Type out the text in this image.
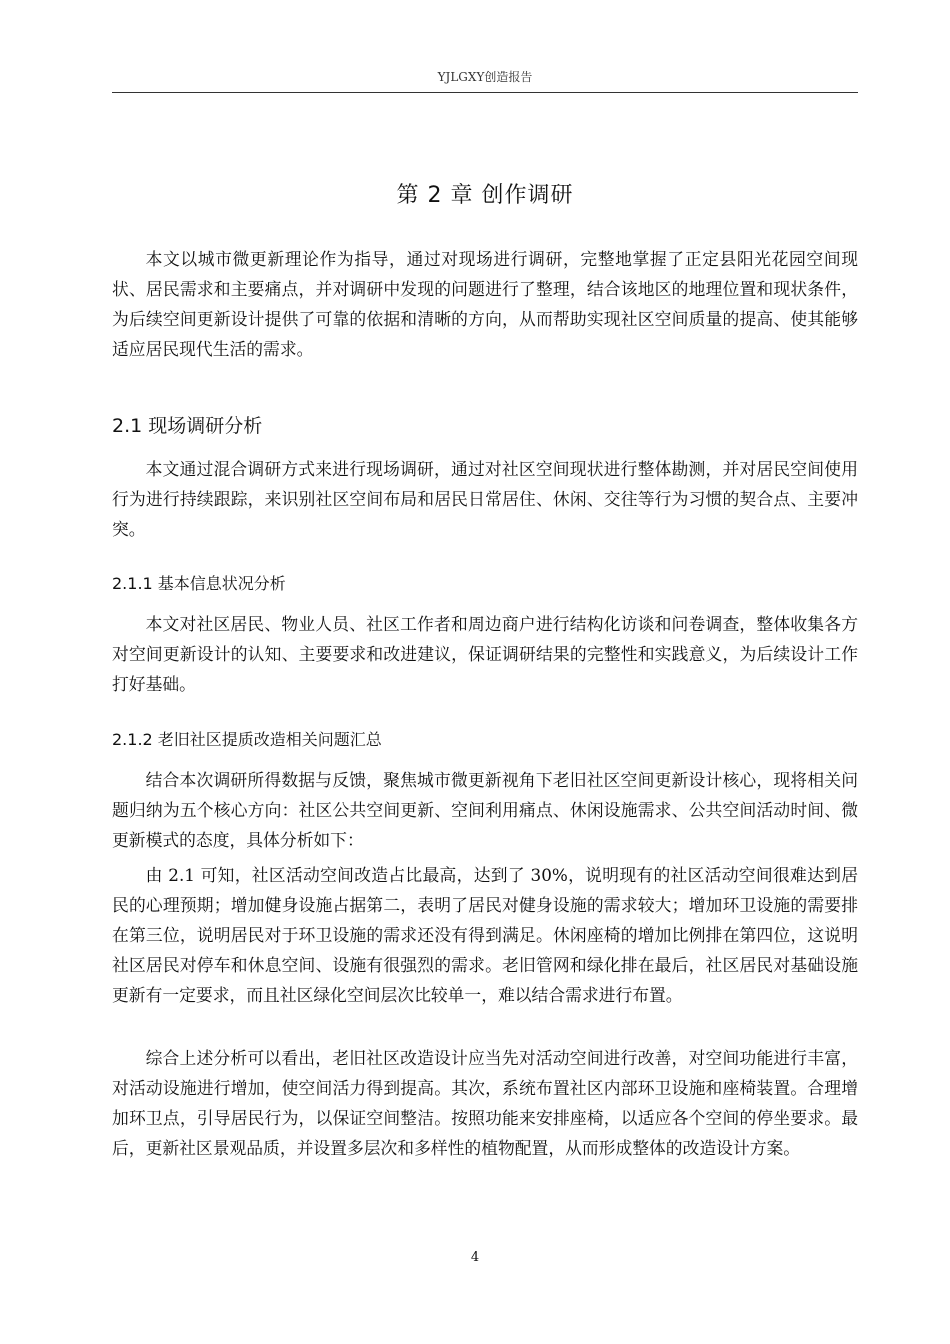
YJLGXY创造报告
第 2 章 创作调研

本文以城市微更新理论作为指导，通过对现场进行调研，完整地掌握了正定县阳光花园空间现状、居民需求和主要痛点，并对调研中发现的问题进行了整理，结合该地区的地理位置和现状条件，为后续空间更新设计提供了可靠的依据和清晰的方向，从而帮助实现社区空间质量的提高、使其能够适应居民现代生活的需求。

2.1 现场调研分析

本文通过混合调研方式来进行现场调研，通过对社区空间现状进行整体勘测，并对居民空间使用行为进行持续跟踪，来识别社区空间布局和居民日常居住、休闲、交往等行为习惯的契合点、主要冲突。

2.1.1 基本信息状况分析

本文对社区居民、物业人员、社区工作者和周边商户进行结构化访谈和问卷调查，整体收集各方对空间更新设计的认知、主要要求和改进建议，保证调研结果的完整性和实践意义，为后续设计工作打好基础。

2.1.2 老旧社区提质改造相关问题汇总

结合本次调研所得数据与反馈，聚焦城市微更新视角下老旧社区空间更新设计核心，现将相关问题归纳为五个核心方向：社区公共空间更新、空间利用痛点、休闲设施需求、公共空间活动时间、微更新模式的态度，具体分析如下：

由 2.1 可知，社区活动空间改造占比最高，达到了 30%，说明现有的社区活动空间很难达到居民的心理预期；增加健身设施占据第二，表明了居民对健身设施的需求较大；增加环卫设施的需要排在第三位，说明居民对于环卫设施的需求还没有得到满足。休闲座椅的增加比例排在第四位，这说明社区居民对停车和休息空间、设施有很强烈的需求。老旧管网和绿化排在最后，社区居民对基础设施更新有一定要求，而且社区绿化空间层次比较单一，难以结合需求进行布置。

综合上述分析可以看出，老旧社区改造设计应当先对活动空间进行改善，对空间功能进行丰富，对活动设施进行增加，使空间活力得到提高。其次，系统布置社区内部环卫设施和座椅装置。合理增加环卫点，引导居民行为，以保证空间整洁。按照功能来安排座椅，以适应各个空间的停坐要求。最后，更新社区景观品质，并设置多层次和多样性的植物配置，从而形成整体的改造设计方案。

4
